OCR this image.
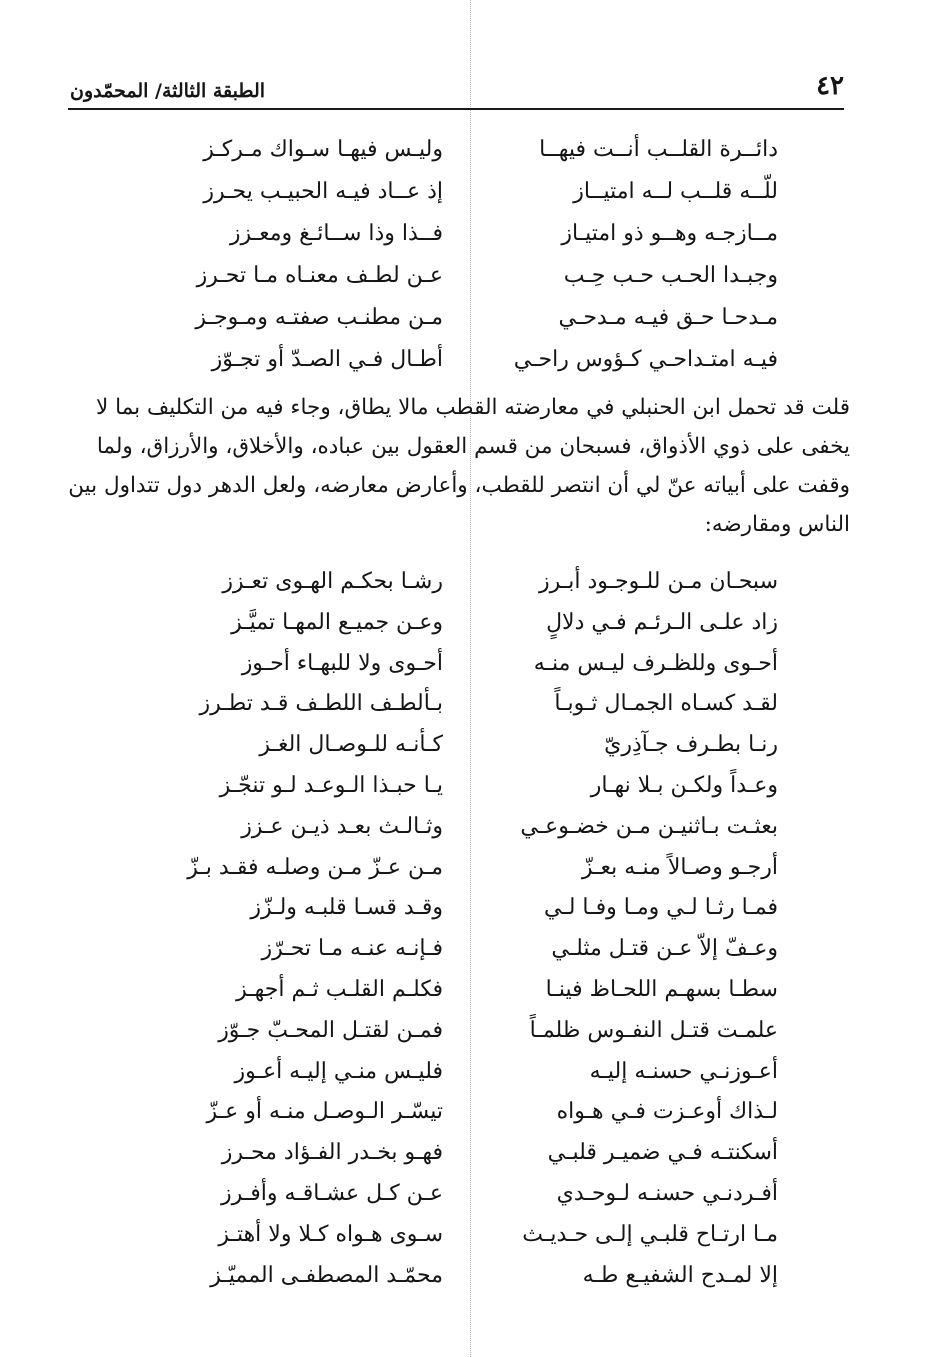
٤٢
الطبقة الثالثة/ المحمّدون
دائــرة القلــب أنــت فيهــا
وليـس فيهـا سـواك مـركـز
للّــه قلــب لــه امتيــاز
إذ عــاد فيـه الحبيـب يحـرز
مــازجـه وهــو ذو امتيـاز
فــذا وذا ســائـغ ومعـزز
وجبـدا الحـب حـب حِـب
عـن لطـف معنـاه مـا تحـرز
مـدحـا حـق فيـه مـدحـي
مـن مطنـب صفتـه ومـوجـز
فيـه امتـداحـي كـؤوس راحـي
أطـال فـي الصـدّ أو تجـوّز
قلت قد تحمل ابن الحنبلي في معارضته القطب مالا يطاق، وجاء فيه من التكليف بما لا
يخفى على ذوي الأذواق، فسبحان من قسم العقول بين عباده، والأخلاق، والأرزاق، ولما
وقفت على أبياته عنّ لي أن انتصر للقطب، وأعارض معارضه، ولعل الدهر دول تتداول بين
الناس ومقارضه:
سبحـان مـن للـوجـود أبـرز
رشـا بحكـم الهـوى تعـزز
زاد علـى الـرئـم فـي دلالٍ
وعـن جميـع المهـا تميَّـز
أحـوى وللظـرف ليـس منـه
أحـوى ولا للبهـاء أحـوز
لقـد كسـاه الجمـال ثـوبـاً
بـألطـف اللطـف قـد تطـرز
رنـا بطـرف جـآذِريّ
كـأنـه للـوصـال الغـز
وعـداً ولكـن بـلا نهـار
يـا حبـذا الـوعـد لـو تنجّـز
بعثـت بـاثنيـن مـن خضـوعـي
وثـالـث بعـد ذيـن عـزز
أرجـو وصـالاً منـه بعـزّ
مـن عـزّ مـن وصلـه فقـد بـزّ
فمـا رثـا لـي ومـا وفـا لـي
وقـد قسـا قلبـه ولـزّز
وعـفّ إلاّ عـن قتـل مثلـي
فـإنـه عنـه مـا تحـرّز
سطـا بسهـم اللحـاظ فينـا
فكلـم القلـب ثـم أجهـز
علمـت قتـل النفـوس ظلمـاً
فمـن لقتـل المحـبّ جـوّز
أعـوزنـي حسنـه إليـه
فليـس منـي إليـه أعـوز
لـذاك أوعـزت فـي هـواه
تيسّـر الـوصـل منـه أو عـزّ
أسكنتـه فـي ضميـر قلبـي
فهـو بخـدر الفـؤاد محـرز
أفـردنـي حسنـه لـوحـدي
عـن كـل عشـاقـه وأفـرز
مـا ارتـاح قلبـي إلـى حـديـث
سـوى هـواه كـلا ولا أهتـز
إلا لمـدح الشفيـع طـه
محمّـد المصطفـى المميّـز
